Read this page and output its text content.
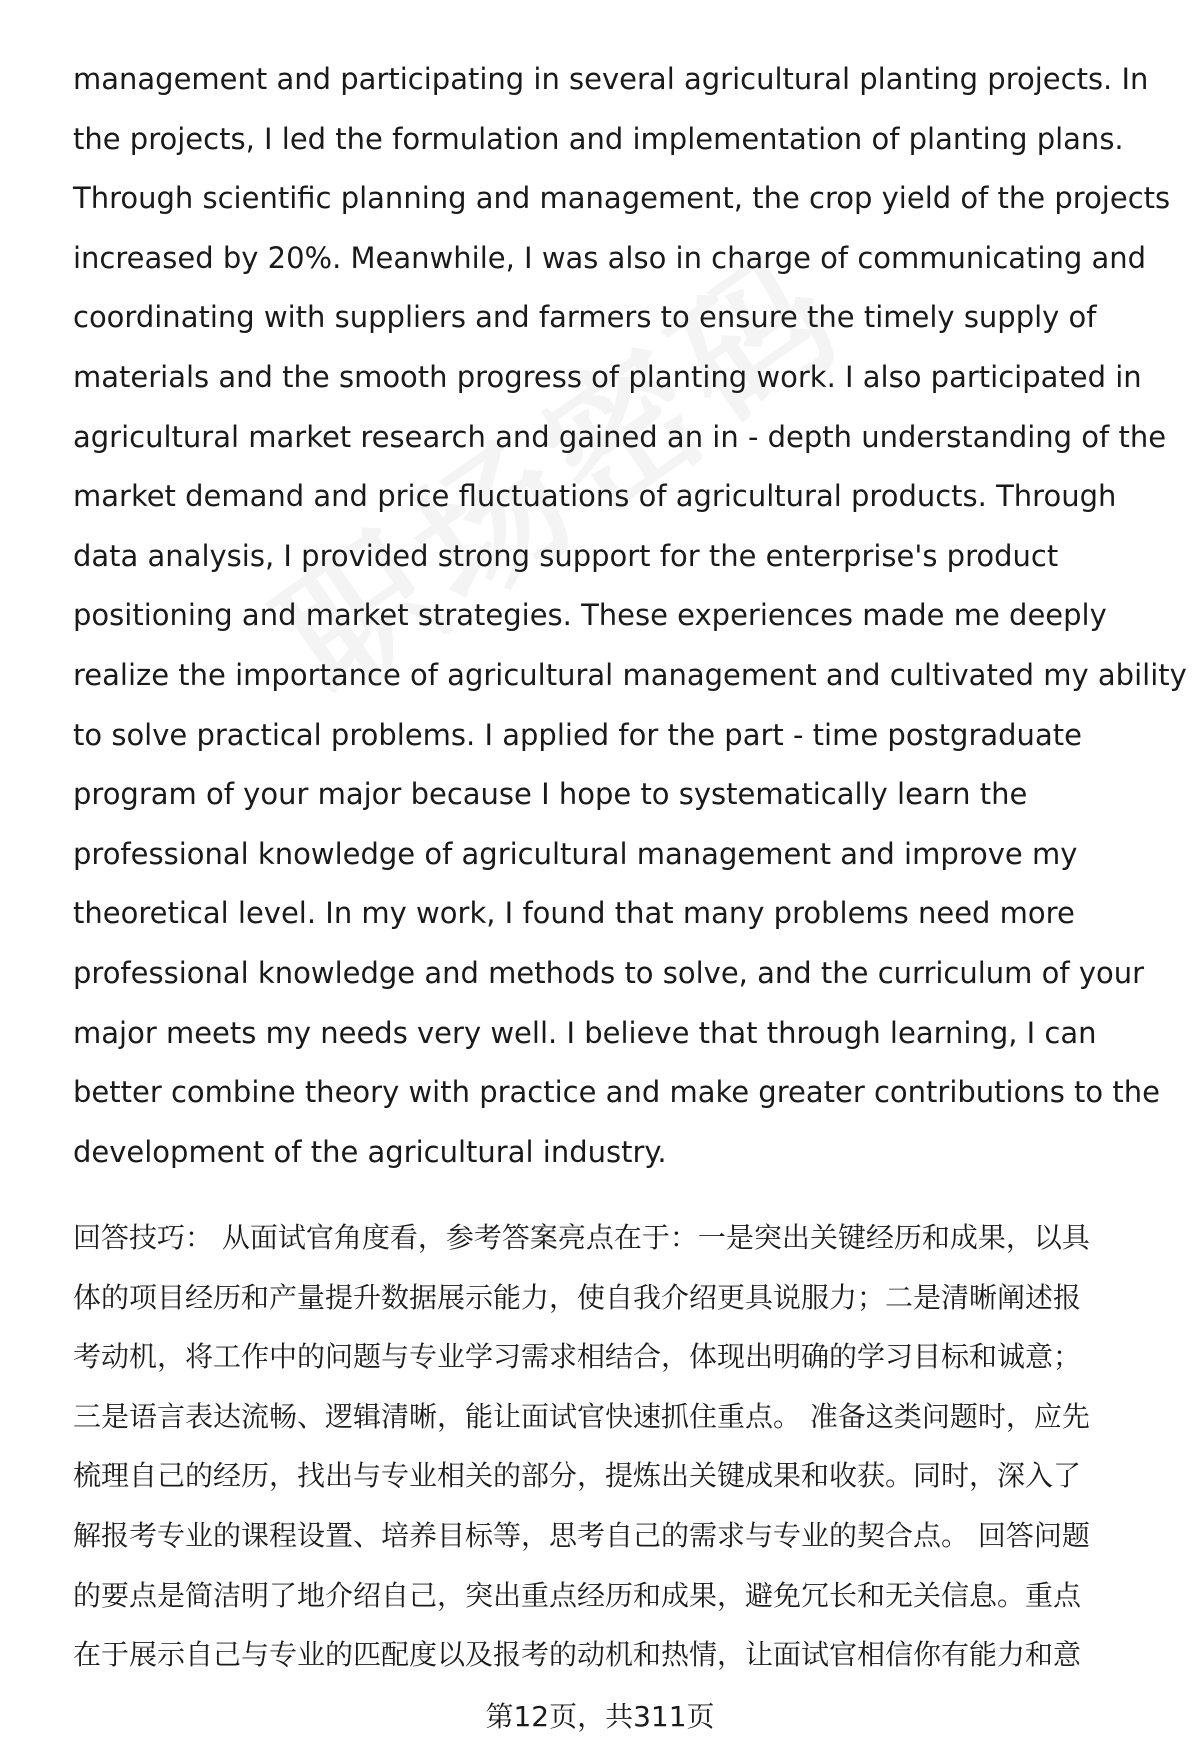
management and participating in several agricultural planting projects. In
the projects, I led the formulation and implementation of planting plans.
Through scientific planning and management, the crop yield of the projects
increased by 20%. Meanwhile, I was also in charge of communicating and
coordinating with suppliers and farmers to ensure the timely supply of
materials and the smooth progress of planting work. I also participated in
agricultural market research and gained an in - depth understanding of the
market demand and price fluctuations of agricultural products. Through
data analysis, I provided strong support for the enterprise's product
positioning and market strategies. These experiences made me deeply
realize the importance of agricultural management and cultivated my ability
to solve practical problems. I applied for the part - time postgraduate
program of your major because I hope to systematically learn the
professional knowledge of agricultural management and improve my
theoretical level. In my work, I found that many problems need more
professional knowledge and methods to solve, and the curriculum of your
major meets my needs very well. I believe that through learning, I can
better combine theory with practice and make greater contributions to the
development of the agricultural industry.

回答技巧： 从面试官角度看，参考答案亮点在于：一是突出关键经历和成果，以具
体的项目经历和产量提升数据展示能力，使自我介绍更具说服力；二是清晰阐述报
考动机，将工作中的问题与专业学习需求相结合，体现出明确的学习目标和诚意；
三是语言表达流畅、逻辑清晰，能让面试官快速抓住重点。 准备这类问题时，应先
梳理自己的经历，找出与专业相关的部分，提炼出关键成果和收获。同时，深入了
解报考专业的课程设置、培养目标等，思考自己的需求与专业的契合点。 回答问题
的要点是简洁明了地介绍自己，突出重点经历和成果，避免冗长和无关信息。重点
在于展示自己与专业的匹配度以及报考的动机和热情，让面试官相信你有能力和意

第12页，共311页
